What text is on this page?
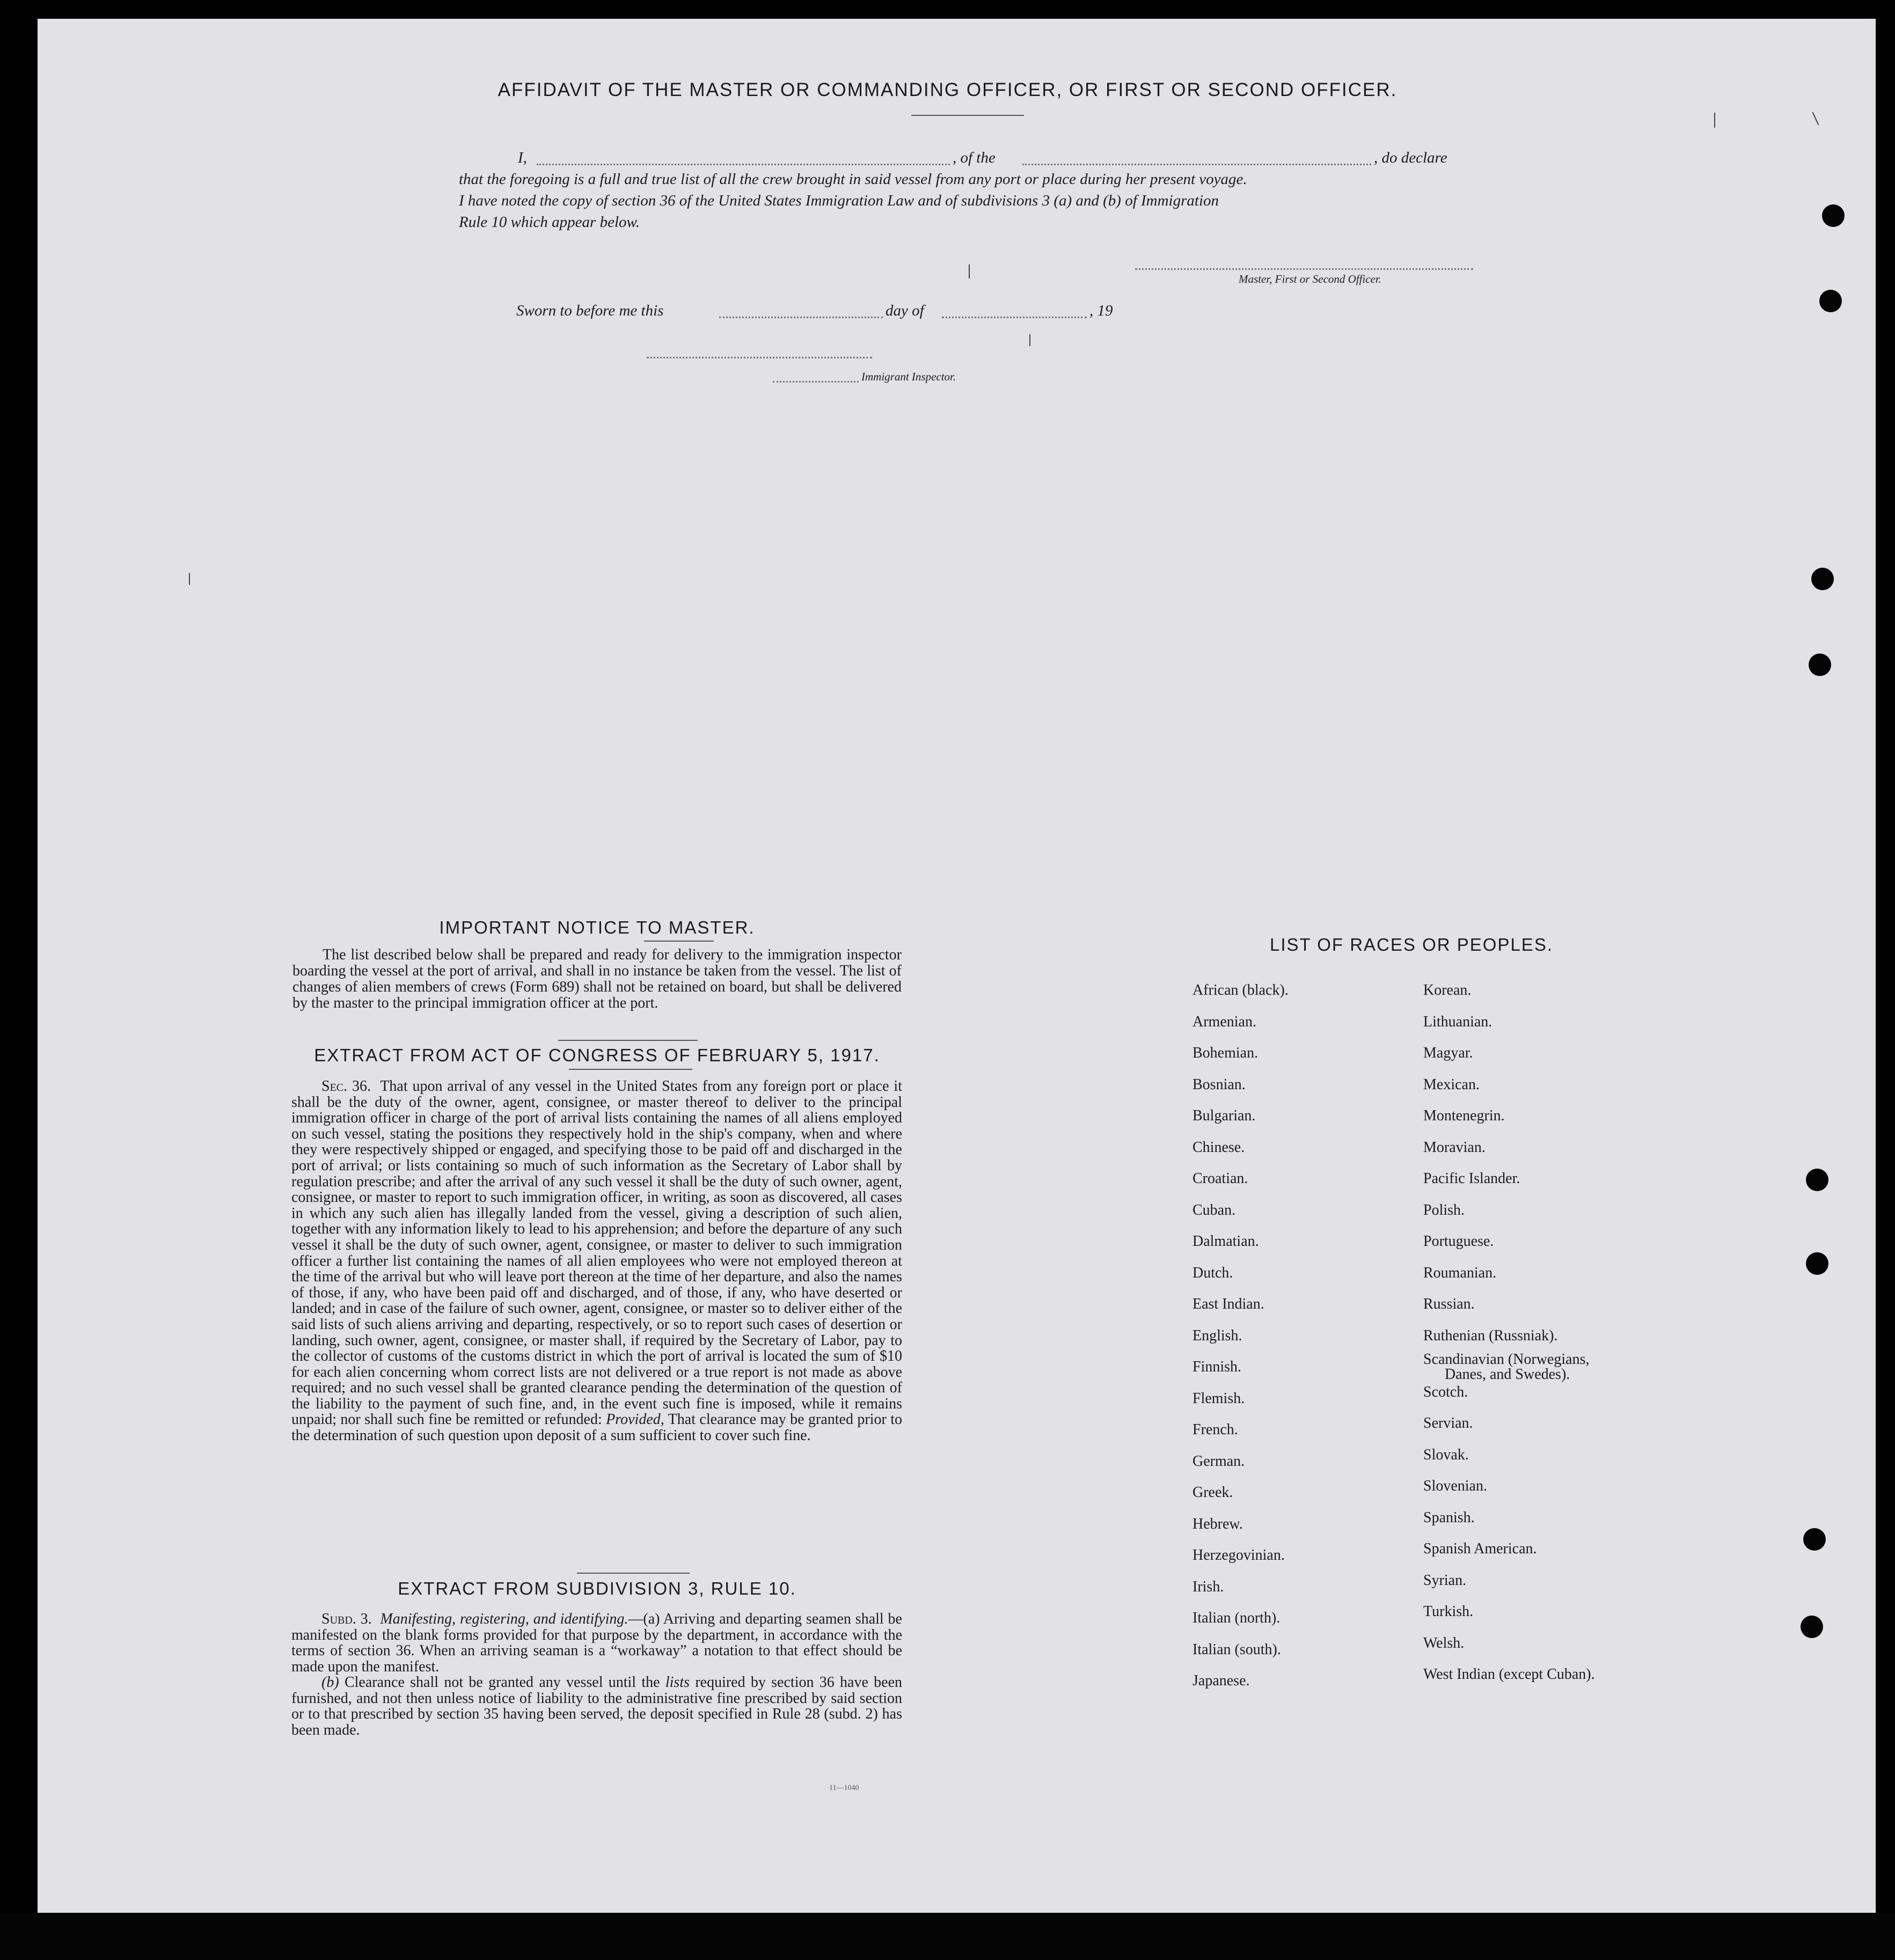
AFFIDAVIT OF THE MASTER OR COMMANDING OFFICER, OR FIRST OR SECOND OFFICER.
I,	, of the	, do declare
that the foregoing is a full and true list of all the crew brought in said vessel from any port or place during her present voyage.
I have noted the copy of section 36 of the United States Immigration Law and of subdivisions 3 (a) and (b) of Immigration
Rule 10 which appear below.
Master, First or Second Officer.
Sworn to before me this	day of	, 19
Immigrant Inspector.
IMPORTANT NOTICE TO MASTER.

The list described below shall be prepared and ready for delivery to the immigration inspector boarding the vessel at the port of arrival, and shall in no instance be taken from the vessel. The list of changes of alien members of crews (Form 689) shall not be retained on board, but shall be delivered by the master to the principal immigration officer at the port.

EXTRACT FROM ACT OF CONGRESS OF FEBRUARY 5, 1917.

Sec. 36. That upon arrival of any vessel in the United States from any foreign port or place it shall be the duty of the owner, agent, consignee, or master thereof to deliver to the principal immigration officer in charge of the port of arrival lists containing the names of all aliens employed on such vessel, stating the positions they respectively hold in the ship's company, when and where they were respectively shipped or engaged, and specifying those to be paid off and discharged in the port of arrival; or lists containing so much of such information as the Secretary of Labor shall by regulation prescribe; and after the arrival of any such vessel it shall be the duty of such owner, agent, consignee, or master to report to such immigration officer, in writing, as soon as discovered, all cases in which any such alien has illegally landed from the vessel, giving a description of such alien, together with any information likely to lead to his apprehension; and before the departure of any such vessel it shall be the duty of such owner, agent, consignee, or master to deliver to such immigration officer a further list containing the names of all alien employees who were not employed thereon at the time of the arrival but who will leave port thereon at the time of her departure, and also the names of those, if any, who have been paid off and discharged, and of those, if any, who have deserted or landed; and in case of the failure of such owner, agent, consignee, or master so to deliver either of the said lists of such aliens arriving and departing, respectively, or so to report such cases of desertion or landing, such owner, agent, consignee, or master shall, if required by the Secretary of Labor, pay to the collector of customs of the customs district in which the port of arrival is located the sum of $10 for each alien concerning whom correct lists are not delivered or a true report is not made as above required; and no such vessel shall be granted clearance pending the determination of the question of the liability to the payment of such fine, and, in the event such fine is imposed, while it remains unpaid; nor shall such fine be remitted or refunded: Provided, That clearance may be granted prior to the determination of such question upon deposit of a sum sufficient to cover such fine.

EXTRACT FROM SUBDIVISION 3, RULE 10.

Subd. 3. Manifesting, registering, and identifying.—(a) Arriving and departing seamen shall be manifested on the blank forms provided for that purpose by the department, in accordance with the terms of section 36. When an arriving seaman is a “workaway” a notation to that effect should be made upon the manifest.

(b) Clearance shall not be granted any vessel until the lists required by section 36 have been furnished, and not then unless notice of liability to the administrative fine prescribed by said section or to that prescribed by section 35 having been served, the deposit specified in Rule 28 (subd. 2) has been made.

11—1040
LIST OF RACES OR PEOPLES.
African (black).
Armenian.
Bohemian.
Bosnian.
Bulgarian.
Chinese.
Croatian.
Cuban.
Dalmatian.
Dutch.
East Indian.
English.
Finnish.
Flemish.
French.
German.
Greek.
Hebrew.
Herzegovinian.
Irish.
Italian (north).
Italian (south).
Japanese.
Korean.
Lithuanian.
Magyar.
Mexican.
Montenegrin.
Moravian.
Pacific Islander.
Polish.
Portuguese.
Roumanian.
Russian.
Ruthenian (Russniak).
Scandinavian (Norwegians,
Danes, and Swedes).
Scotch.
Servian.
Slovak.
Slovenian.
Spanish.
Spanish American.
Syrian.
Turkish.
Welsh.
West Indian (except Cuban).
